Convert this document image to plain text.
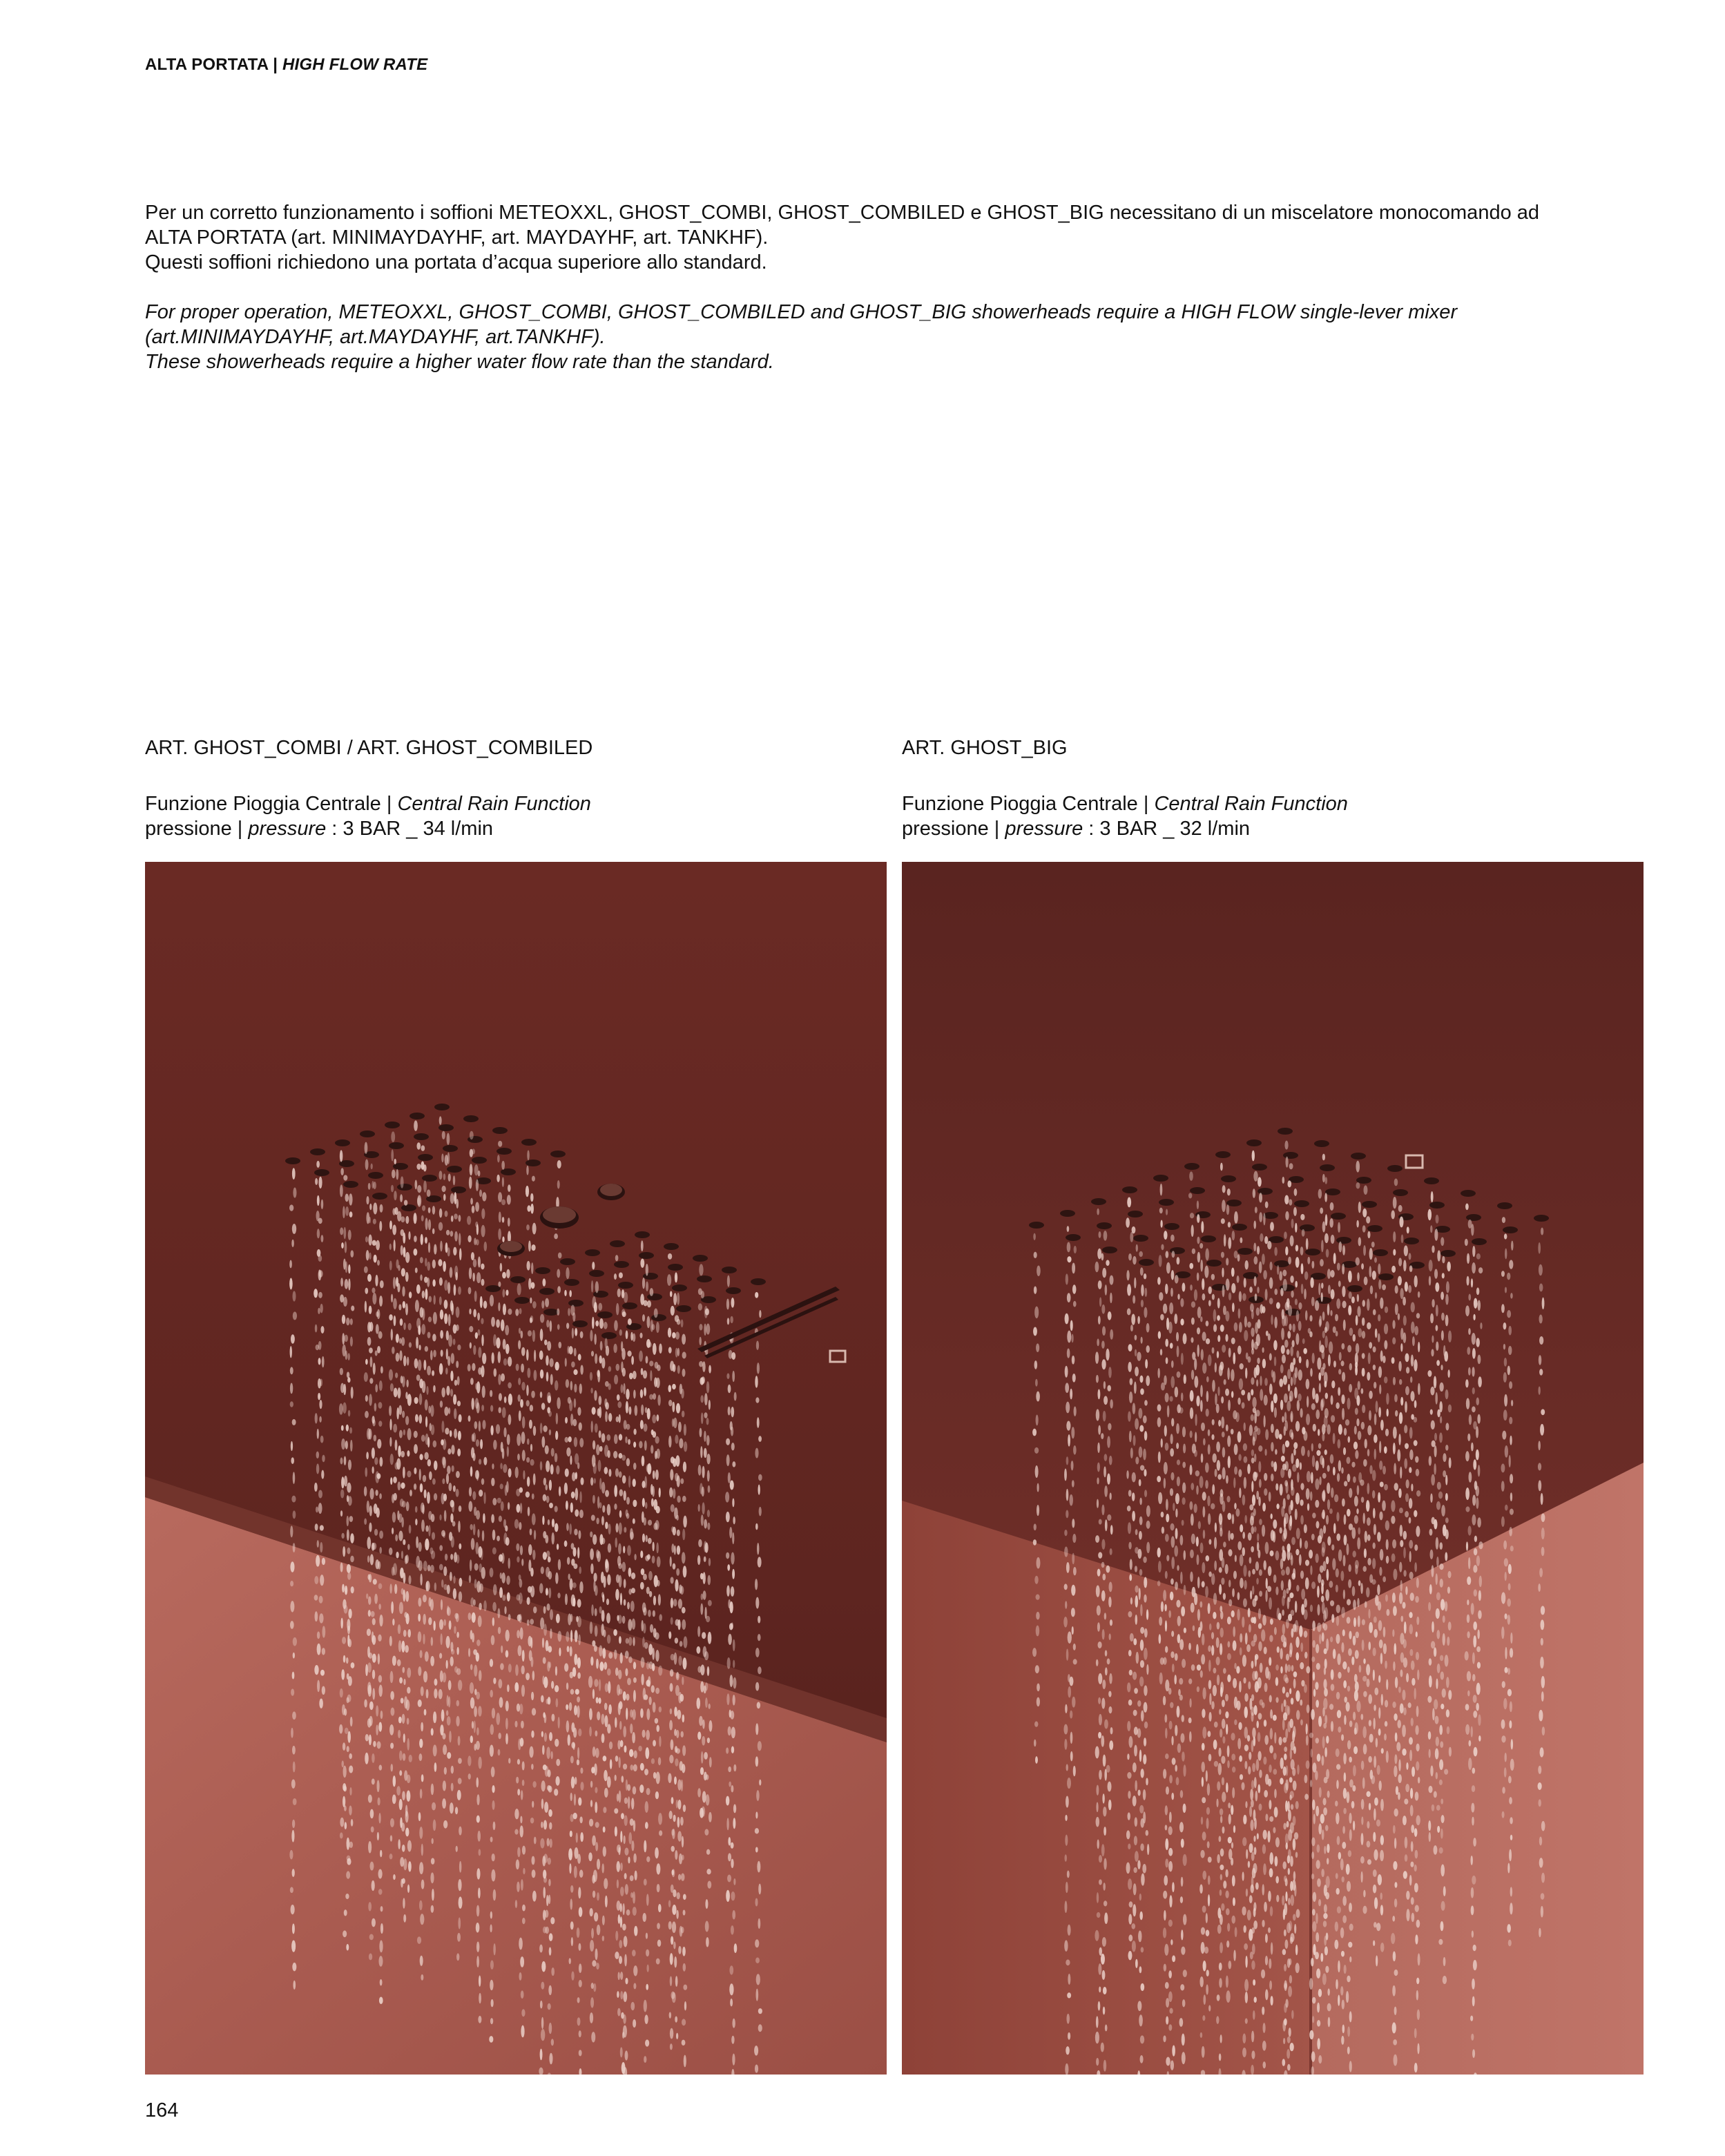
ALTA PORTATA | HIGH FLOW RATE

Per un corretto funzionamento i soffioni METEOXXL, GHOST_COMBI, GHOST_COMBILED e GHOST_BIG necessitano di un miscelatore monocomando ad

ALTA PORTATA (art. MINIMAYDAYHF, art. MAYDAYHF, art. TANKHF).

Questi soffioni richiedono una portata d’acqua superiore allo standard.

For proper operation, METEOXXL, GHOST_COMBI, GHOST_COMBILED and GHOST_BIG showerheads require a HIGH FLOW single-lever mixer

(art.MINIMAYDAYHF, art.MAYDAYHF, art.TANKHF).

These showerheads require a higher water flow rate than the standard.

ART. GHOST_COMBI / ART. GHOST_COMBILED

Funzione Pioggia Centrale | Central Rain Function
pressione | pressure : 3 BAR _ 34 l/min

ART. GHOST_BIG

Funzione Pioggia Centrale | Central Rain Function
pressione | pressure : 3 BAR _ 32 l/min
164
